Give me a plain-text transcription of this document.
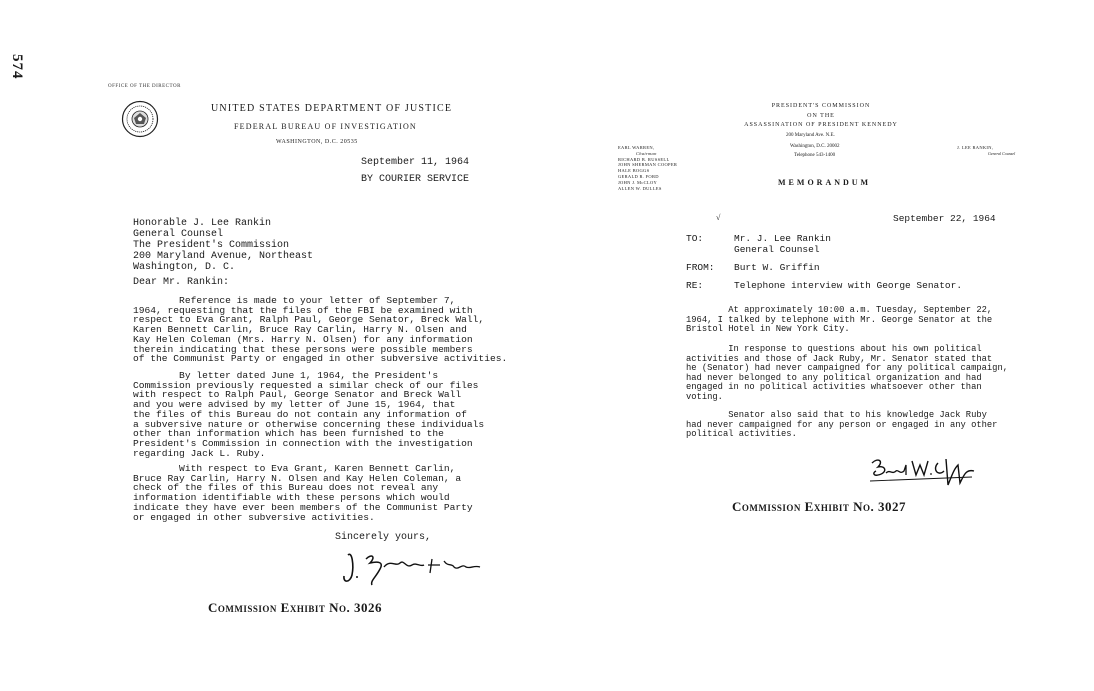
574
OFFICE OF THE DIRECTOR
UNITED STATES DEPARTMENT OF JUSTICE
FEDERAL BUREAU OF INVESTIGATION
WASHINGTON, D.C. 20535
September 11, 1964
BY COURIER SERVICE
Honorable J. Lee Rankin
General Counsel
The President's Commission
200 Maryland Avenue, Northeast
Washington, D. C.
Dear Mr. Rankin:
Reference is made to your letter of September 7,
1964, requesting that the files of the FBI be examined with
respect to Eva Grant, Ralph Paul, George Senator, Breck Wall,
Karen Bennett Carlin, Bruce Ray Carlin, Harry N. Olsen and
Kay Helen Coleman (Mrs. Harry N. Olsen) for any information
therein indicating that these persons were possible members
of the Communist Party or engaged in other subversive activities.
By letter dated June 1, 1964, the President's
Commission previously requested a similar check of our files
with respect to Ralph Paul, George Senator and Breck Wall
and you were advised by my letter of June 15, 1964, that
the files of this Bureau do not contain any information of
a subversive nature or otherwise concerning these individuals
other than information which has been furnished to the
President's Commission in connection with the investigation
regarding Jack L. Ruby.
With respect to Eva Grant, Karen Bennett Carlin,
Bruce Ray Carlin, Harry N. Olsen and Kay Helen Coleman, a
check of the files of this Bureau does not reveal any
information identifiable with these persons which would
indicate they have ever been members of the Communist Party
or engaged in other subversive activities.
Sincerely yours,
Commission Exhibit No. 3026
PRESIDENT'S COMMISSION
ON THE
ASSASSINATION OF PRESIDENT KENNEDY
200 Maryland Ave. N.E.
Washington, D.C. 20002
Telephone 543-1400
EARL WARREN,
Chairman
RICHARD B. RUSSELL
JOHN SHERMAN COOPER
HALE BOGGS
GERALD R. FORD
JOHN J. McCLOY
ALLEN W. DULLES
J. LEE RANKIN,
General Counsel
MEMORANDUM
√	September 22, 1964
TO:	Mr. J. Lee Rankin
General Counsel
FROM: Burt W. Griffin
RE:	Telephone interview with George Senator.
At approximately 10:00 a.m. Tuesday, September 22,
1964, I talked by telephone with Mr. George Senator at the
Bristol Hotel in New York City.
In response to questions about his own political
activities and those of Jack Ruby, Mr. Senator stated that
he (Senator) had never campaigned for any political campaign,
had never belonged to any political organization and had
engaged in no political activities whatsoever other than
voting.
Senator also said that to his knowledge Jack Ruby
had never campaigned for any person or engaged in any other
political activities.
Commission Exhibit No. 3027
